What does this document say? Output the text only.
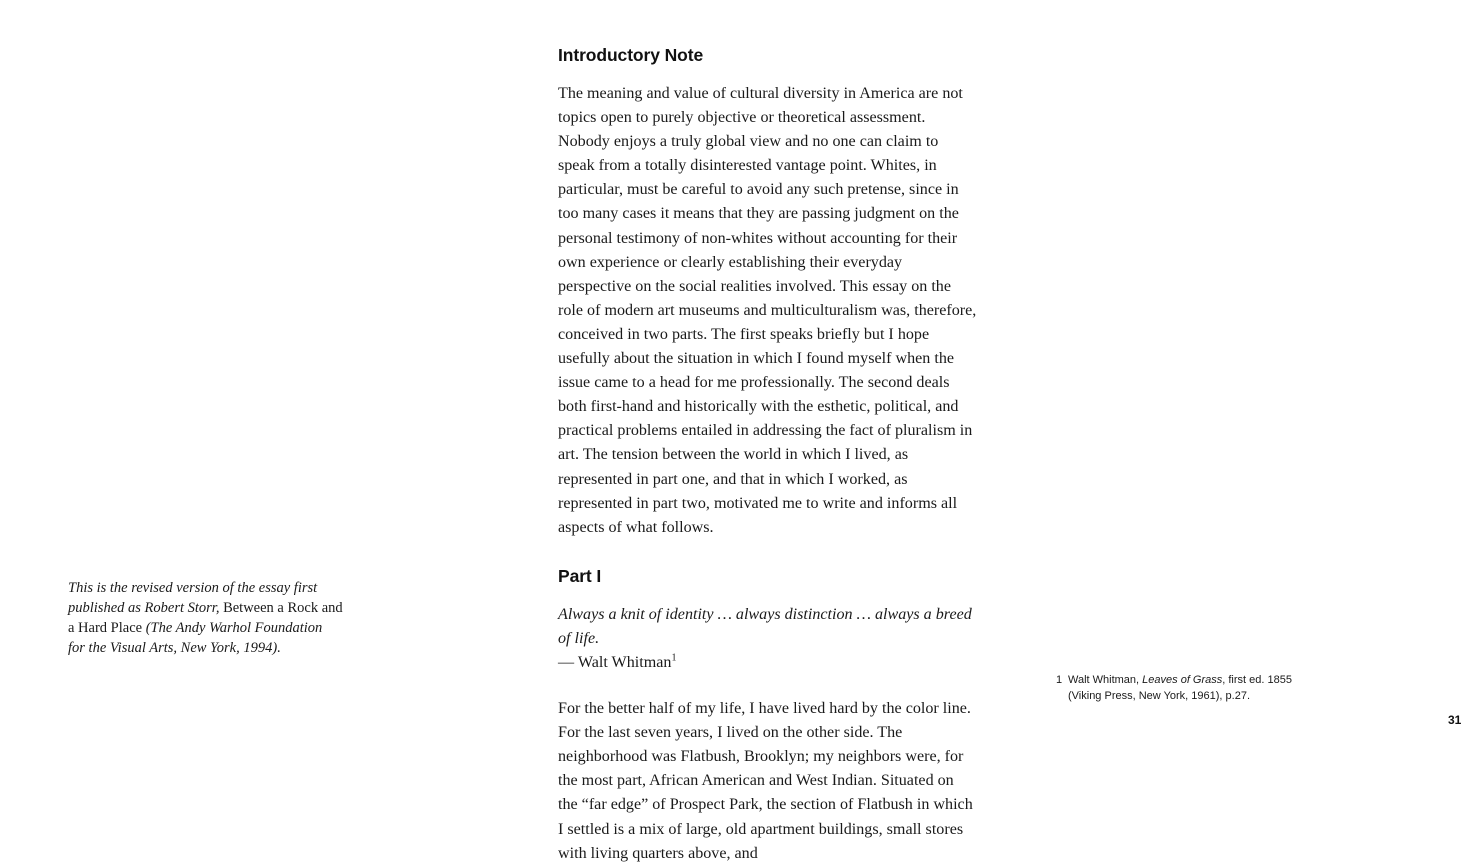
This is the revised version of the essay first
published as Robert Storr, Between a Rock and
a Hard Place (The Andy Warhol Foundation
for the Visual Arts, New York, 1994).
Introductory Note

The meaning and value of cultural diversity in America are not topics open to purely objective or theoretical assessment. Nobody enjoys a truly global view and no one can claim to speak from a totally disinterested vantage point. Whites, in particular, must be careful to avoid any such pretense, since in too many cases it means that they are passing judgment on the personal testimony of non-whites without accounting for their own experience or clearly establishing their everyday perspective on the social realities involved. This essay on the role of modern art museums and multiculturalism was, therefore, conceived in two parts. The first speaks briefly but I hope usefully about the situation in which I found myself when the issue came to a head for me professionally. The second deals both first-hand and historically with the esthetic, political, and practical problems entailed in addressing the fact of pluralism in art. The tension between the world in which I lived, as represented in part one, and that in which I worked, as represented in part two, motivated me to write and informs all aspects of what follows.

Part I

Always a knit of identity … always distinction … always a breed of life.
— Walt Whitman$^1$

For the better half of my life, I have lived hard by the color line. For the last seven years, I lived on the other side. The neighborhood was Flatbush, Brooklyn; my neighbors were, for the most part, African American and West Indian. Situated on the “far edge” of Prospect Park, the section of Flatbush in which I settled is a mix of large, old apartment buildings, small stores with living quarters above, and

1 Walt Whitman, Leaves of Grass, first ed. 1855
(Viking Press, New York, 1961), p.27.
31
